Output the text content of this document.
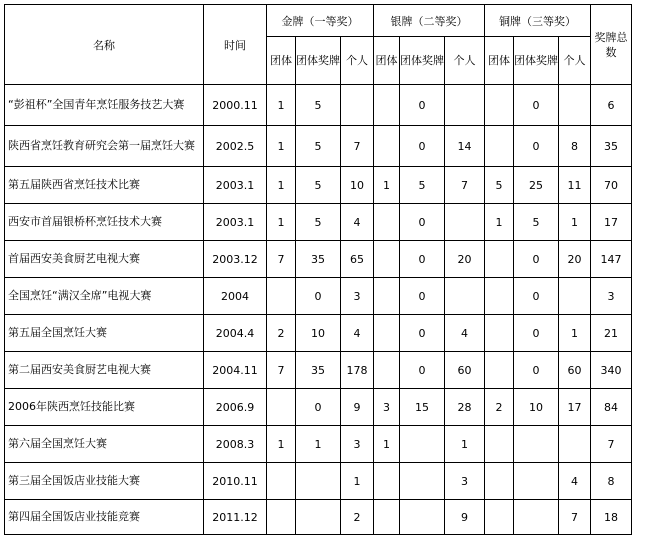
名称	时间	金牌（一等奖）			银牌（二等奖）			铜牌（三等奖）			奖牌总数
		团体	团体奖牌	个人	团体	团体奖牌	个人	团体	团体奖牌	个人	
“彭祖杯”全国青年烹饪服务技艺大赛	2000.11	1	5			0			0		6
陕西省烹饪教育研究会第一届烹饪大赛	2002.5	1	5	7		0	14		0	8	35
第五届陕西省烹饪技术比赛	2003.1	1	5	10	1	5	7	5	25	11	70
西安市首届银桥杯烹饪技术大赛	2003.1	1	5	4		0		1	5	1	17
首届西安美食厨艺电视大赛	2003.12	7	35	65		0	20		0	20	147
全国烹饪“满汉全席”电视大赛	2004		0	3		0			0		3
第五届全国烹饪大赛	2004.4	2	10	4		0	4		0	1	21
第二届西安美食厨艺电视大赛	2004.11	7	35	178		0	60		0	60	340
2006年陕西烹饪技能比赛	2006.9		0	9	3	15	28	2	10	17	84
第六届全国烹饪大赛	2008.3	1	1	3	1		1				7
第三届全国饭店业技能大赛	2010.11			1			3			4	8
第四届全国饭店业技能竞赛	2011.12			2			9			7	18
